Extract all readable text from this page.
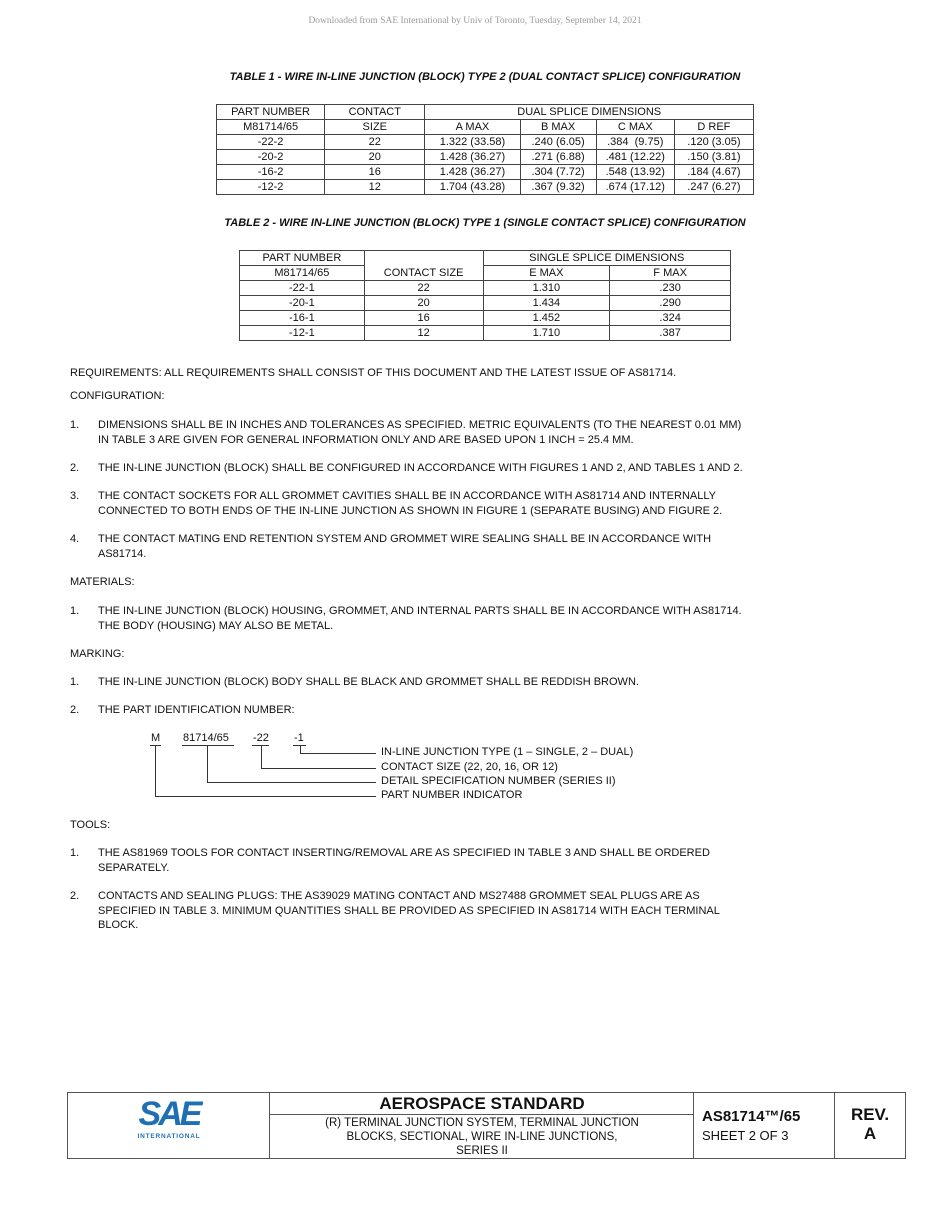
Downloaded from SAE International by Univ of Toronto, Tuesday, September 14, 2021
TABLE 1 - WIRE IN-LINE JUNCTION (BLOCK) TYPE 2 (DUAL CONTACT SPLICE) CONFIGURATION
PART NUMBER	CONTACT	DUAL SPLICE DIMENSIONS			
M81714/65	SIZE	A MAX	B MAX	C MAX	D REF
-22-2	22	1.322 (33.58)	.240 (6.05)	.384  (9.75)	.120 (3.05)
-20-2	20	1.428 (36.27)	.271 (6.88)	.481 (12.22)	.150 (3.81)
-16-2	16	1.428 (36.27)	.304 (7.72)	.548 (13.92)	.184 (4.67)
-12-2	12	1.704 (43.28)	.367 (9.32)	.674 (17.12)	.247 (6.27)
TABLE 2 - WIRE IN-LINE JUNCTION (BLOCK) TYPE 1 (SINGLE CONTACT SPLICE) CONFIGURATION
PART NUMBER	CONTACT SIZE	SINGLE SPLICE DIMENSIONS	
M81714/65		E MAX	F MAX
-22-1	22	1.310	.230
-20-1	20	1.434	.290
-16-1	16	1.452	.324
-12-1	12	1.710	.387
REQUIREMENTS: ALL REQUIREMENTS SHALL CONSIST OF THIS DOCUMENT AND THE LATEST ISSUE OF AS81714.
CONFIGURATION:
1. DIMENSIONS SHALL BE IN INCHES AND TOLERANCES AS SPECIFIED. METRIC EQUIVALENTS (TO THE NEAREST 0.01 MM)
IN TABLE 3 ARE GIVEN FOR GENERAL INFORMATION ONLY AND ARE BASED UPON 1 INCH = 25.4 MM.
2. THE IN-LINE JUNCTION (BLOCK) SHALL BE CONFIGURED IN ACCORDANCE WITH FIGURES 1 AND 2, AND TABLES 1 AND 2.
3. THE CONTACT SOCKETS FOR ALL GROMMET CAVITIES SHALL BE IN ACCORDANCE WITH AS81714 AND INTERNALLY
CONNECTED TO BOTH ENDS OF THE IN-LINE JUNCTION AS SHOWN IN FIGURE 1 (SEPARATE BUSING) AND FIGURE 2.
4. THE CONTACT MATING END RETENTION SYSTEM AND GROMMET WIRE SEALING SHALL BE IN ACCORDANCE WITH
AS81714.
MATERIALS:
1. THE IN-LINE JUNCTION (BLOCK) HOUSING, GROMMET, AND INTERNAL PARTS SHALL BE IN ACCORDANCE WITH AS81714.
THE BODY (HOUSING) MAY ALSO BE METAL.
MARKING:
1. THE IN-LINE JUNCTION (BLOCK) BODY SHALL BE BLACK AND GROMMET SHALL BE REDDISH BROWN.
2. THE PART IDENTIFICATION NUMBER:
M 81714/65 -22 -1
IN-LINE JUNCTION TYPE (1 – SINGLE, 2 – DUAL)
CONTACT SIZE (22, 20, 16, OR 12)
DETAIL SPECIFICATION NUMBER (SERIES II)
PART NUMBER INDICATOR
TOOLS:
1. THE AS81969 TOOLS FOR CONTACT INSERTING/REMOVAL ARE AS SPECIFIED IN TABLE 3 AND SHALL BE ORDERED
SEPARATELY.
2. CONTACTS AND SEALING PLUGS: THE AS39029 MATING CONTACT AND MS27488 GROMMET SEAL PLUGS ARE AS
SPECIFIED IN TABLE 3. MINIMUM QUANTITIES SHALL BE PROVIDED AS SPECIFIED IN AS81714 WITH EACH TERMINAL
BLOCK.
SAE
INTERNATIONAL
AEROSPACE STANDARD
(R) TERMINAL JUNCTION SYSTEM, TERMINAL JUNCTION
BLOCKS, SECTIONAL, WIRE IN-LINE JUNCTIONS,
SERIES II
AS81714™/65
SHEET 2 OF 3
REV.
A
